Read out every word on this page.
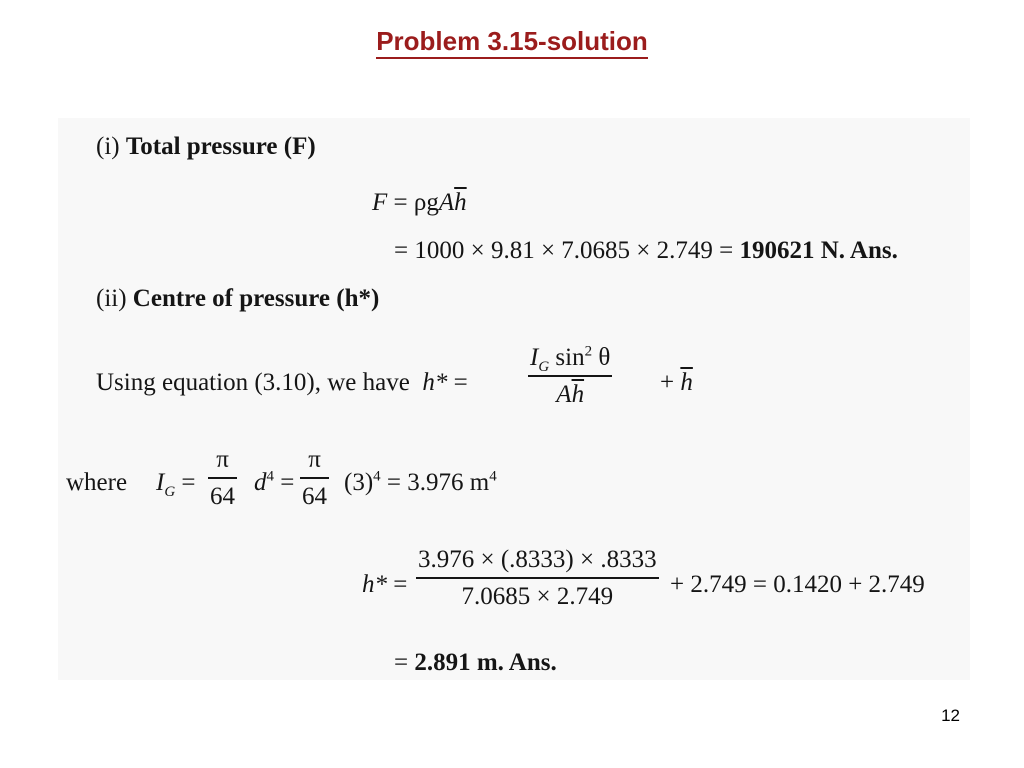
Problem 3.15-solution
(i) Total pressure (F)
$F = \rho gA\overline{h}$
= 1000 × 9.81 × 7.0685 × 2.749 = 190621 N. Ans.
(ii) Centre of pressure (h*)
Using equation (3.10), we have h* =
$I_G$ $\sin^2 \theta$
$A\overline{h}$	+ $\overline{h}$
where $I_G$ =
π
64
$d^4$ =
π
64
$(3)^4 = 3.976$ $m^4$
h* =
3.976 × (.8333) × .8333
7.0685 × 2.749 + 2.749 = 0.1420 + 2.749
= 2.891 m. Ans.
12
